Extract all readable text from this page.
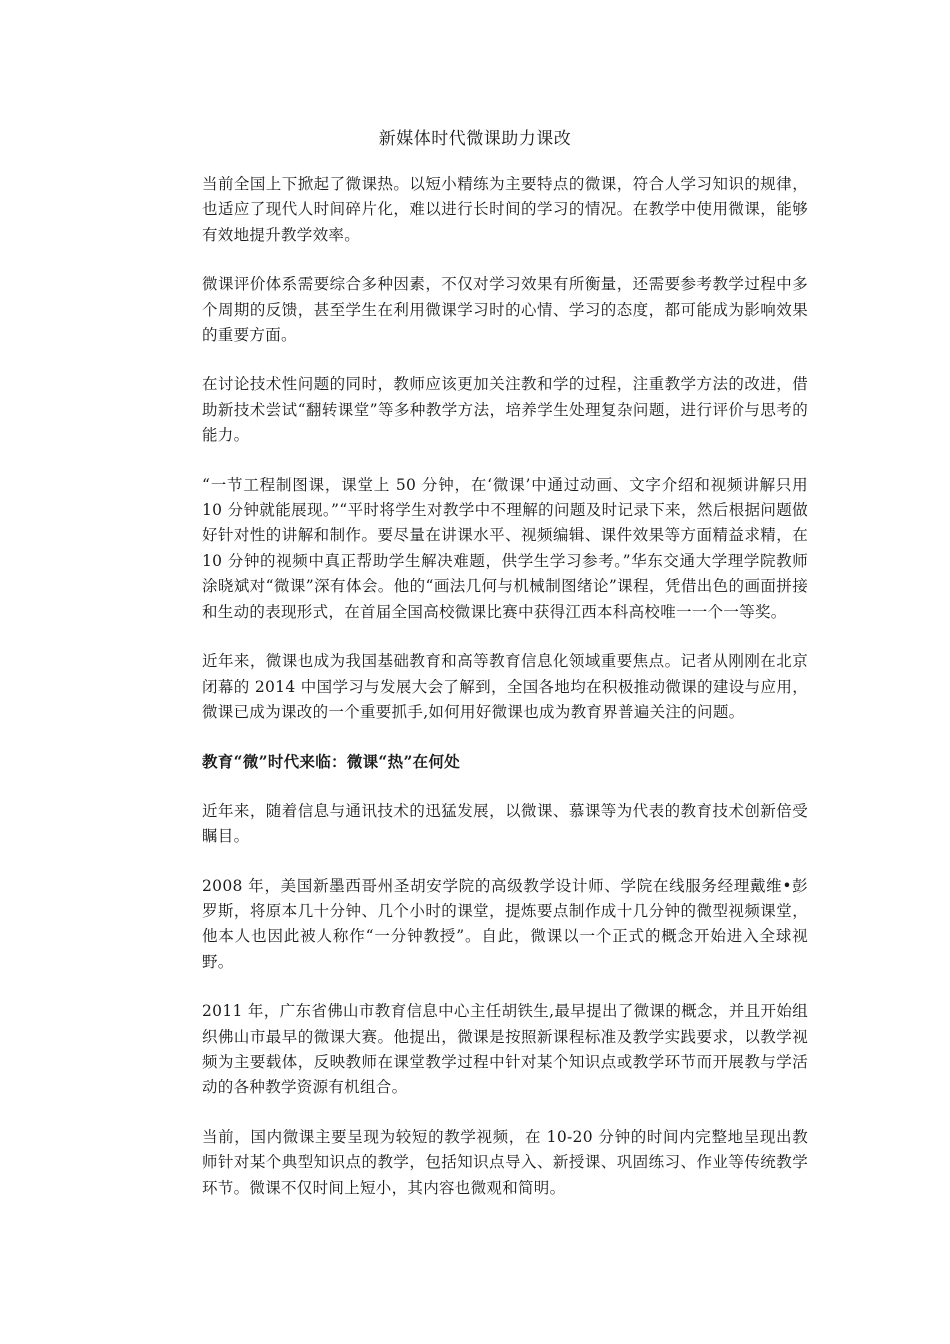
新媒体时代微课助力课改

当前全国上下掀起了微课热。以短小精练为主要特点的微课，符合人学习知识的规律，也适应了现代人时间碎片化，难以进行长时间的学习的情况。在教学中使用微课，能够有效地提升教学效率。

微课评价体系需要综合多种因素，不仅对学习效果有所衡量，还需要参考教学过程中多个周期的反馈，甚至学生在利用微课学习时的心情、学习的态度，都可能成为影响效果的重要方面。

在讨论技术性问题的同时，教师应该更加关注教和学的过程，注重教学方法的改进，借助新技术尝试“翻转课堂”等多种教学方法，培养学生处理复杂问题，进行评价与思考的能力。

“一节工程制图课，课堂上 50 分钟，在‘微课’中通过动画、文字介绍和视频讲解只用 10 分钟就能展现。”“平时将学生对教学中不理解的问题及时记录下来，然后根据问题做好针对性的讲解和制作。要尽量在讲课水平、视频编辑、课件效果等方面精益求精，在 10 分钟的视频中真正帮助学生解决难题，供学生学习参考。”华东交通大学理学院教师涂晓斌对“微课”深有体会。他的“画法几何与机械制图绪论”课程，凭借出色的画面拼接和生动的表现形式，在首届全国高校微课比赛中获得江西本科高校唯一一个一等奖。

近年来，微课也成为我国基础教育和高等教育信息化领域重要焦点。记者从刚刚在北京闭幕的 2014 中国学习与发展大会了解到，全国各地均在积极推动微课的建设与应用，微课已成为课改的一个重要抓手,如何用好微课也成为教育界普遍关注的问题。

教育“微”时代来临：微课“热”在何处

近年来，随着信息与通讯技术的迅猛发展，以微课、慕课等为代表的教育技术创新倍受瞩目。

2008 年，美国新墨西哥州圣胡安学院的高级教学设计师、学院在线服务经理戴维•彭罗斯，将原本几十分钟、几个小时的课堂，提炼要点制作成十几分钟的微型视频课堂，他本人也因此被人称作“一分钟教授”。自此，微课以一个正式的概念开始进入全球视野。

2011 年，广东省佛山市教育信息中心主任胡铁生,最早提出了微课的概念，并且开始组织佛山市最早的微课大赛。他提出，微课是按照新课程标准及教学实践要求，以教学视频为主要载体，反映教师在课堂教学过程中针对某个知识点或教学环节而开展教与学活动的各种教学资源有机组合。

当前，国内微课主要呈现为较短的教学视频，在 10-20 分钟的时间内完整地呈现出教师针对某个典型知识点的教学，包括知识点导入、新授课、巩固练习、作业等传统教学环节。微课不仅时间上短小，其内容也微观和简明。
